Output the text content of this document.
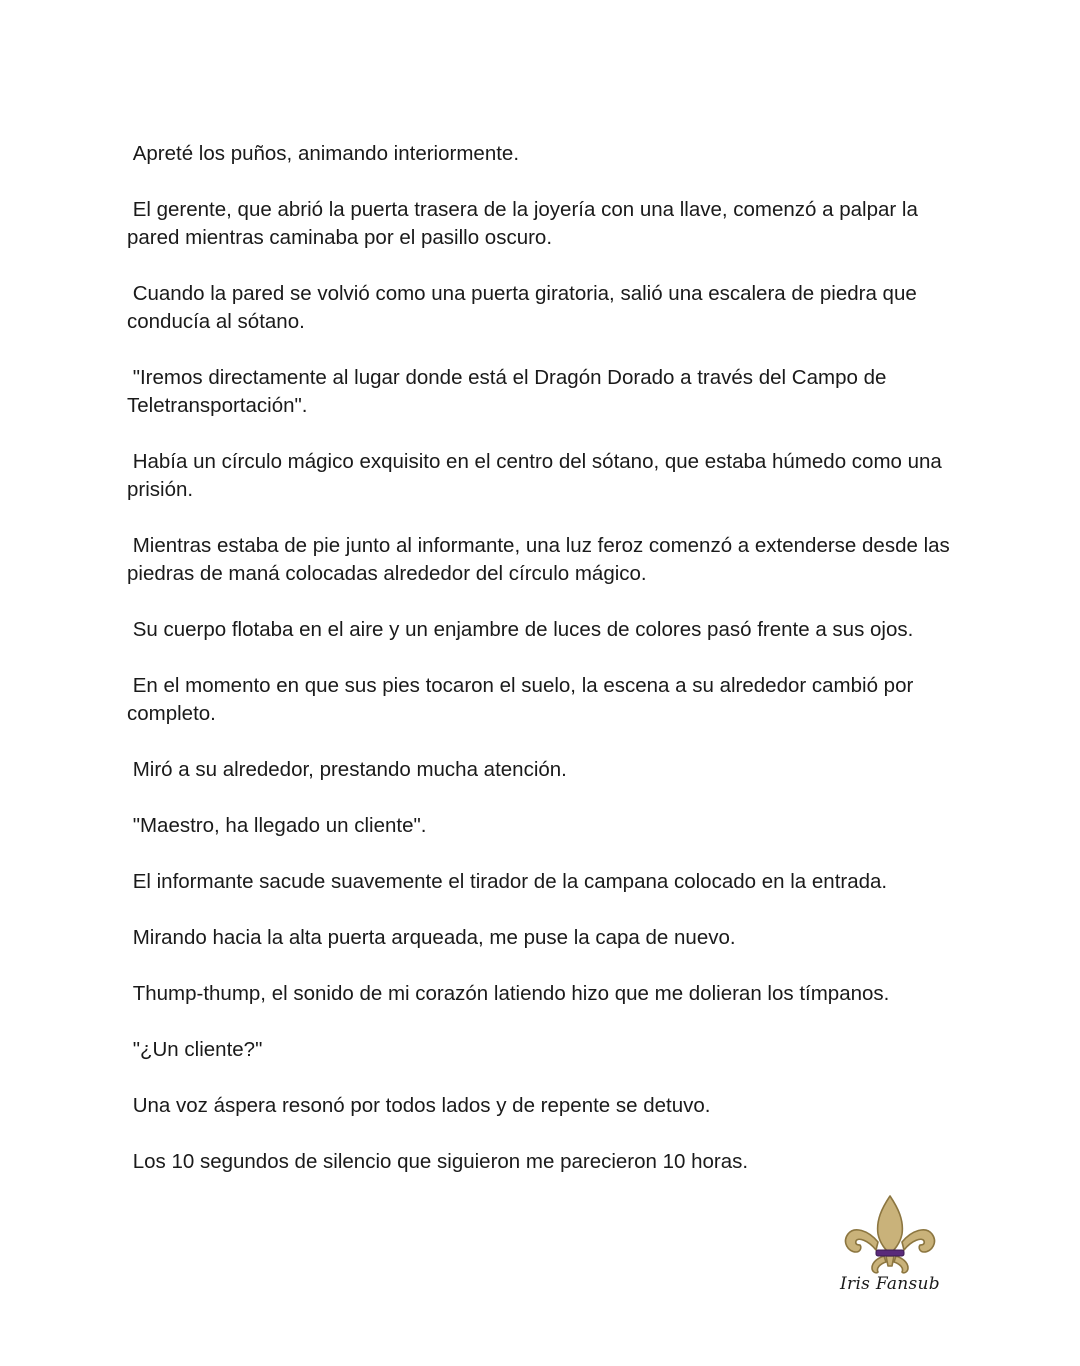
Apreté los puños, animando interiormente.

El gerente, que abrió la puerta trasera de la joyería con una llave, comenzó a palpar la pared mientras caminaba por el pasillo oscuro.

Cuando la pared se volvió como una puerta giratoria, salió una escalera de piedra que conducía al sótano.

"Iremos directamente al lugar donde está el Dragón Dorado a través del Campo de Teletransportación".

Había un círculo mágico exquisito en el centro del sótano, que estaba húmedo como una prisión.

Mientras estaba de pie junto al informante, una luz feroz comenzó a extenderse desde las piedras de maná colocadas alrededor del círculo mágico.

Su cuerpo flotaba en el aire y un enjambre de luces de colores pasó frente a sus ojos.

En el momento en que sus pies tocaron el suelo, la escena a su alrededor cambió por completo.

Miró a su alrededor, prestando mucha atención.

"Maestro, ha llegado un cliente".

El informante sacude suavemente el tirador de la campana colocado en la entrada.

Mirando hacia la alta puerta arqueada, me puse la capa de nuevo.

Thump-thump, el sonido de mi corazón latiendo hizo que me dolieran los tímpanos.

"¿Un cliente?"

Una voz áspera resonó por todos lados y de repente se detuvo.

Los 10 segundos de silencio que siguieron me parecieron 10 horas.

Iris Fansub
